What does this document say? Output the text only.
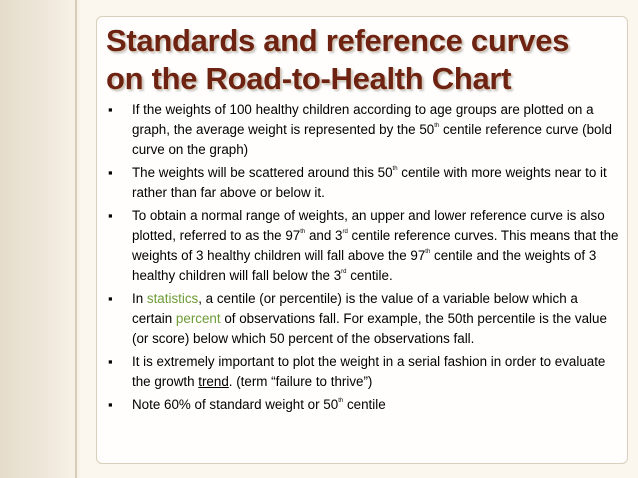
Standards and reference curves
on the Road-to-Health Chart
▪ If the weights of 100 healthy children according to age groups are plotted on a graph, the average weight is represented by the 50th centile reference curve (bold curve on the graph)
▪ The weights will be scattered around this 50th centile with more weights near to it rather than far above or below it.
▪ To obtain a normal range of weights, an upper and lower reference curve is also plotted, referred to as the 97th and 3rd centile reference curves. This means that the weights of 3 healthy children will fall above the 97th centile and the weights of 3 healthy children will fall below the 3rd centile.
▪ In statistics, a centile (or percentile) is the value of a variable below which a certain percent of observations fall. For example, the 50th percentile is the value (or score) below which 50 percent of the observations fall.
▪ It is extremely important to plot the weight in a serial fashion in order to evaluate the growth trend. (term “failure to thrive”)
▪ Note 60% of standard weight or 50th centile
